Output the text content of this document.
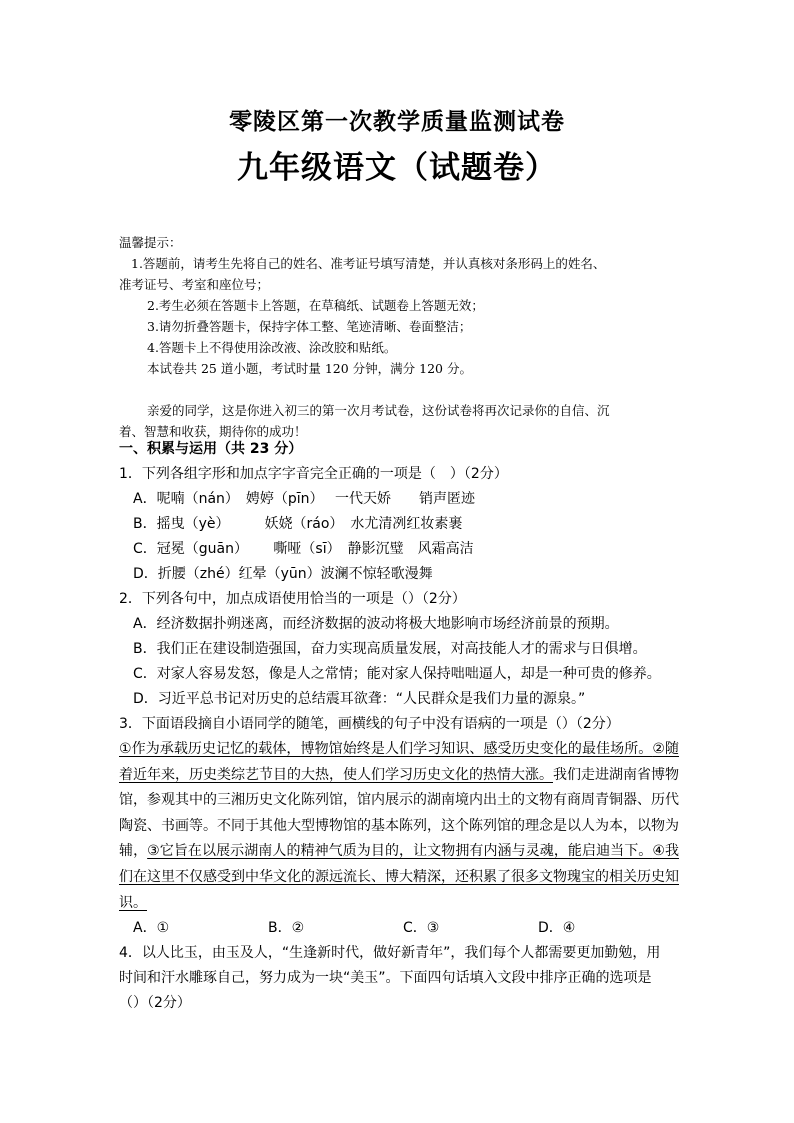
零陵区第一次教学质量监测试卷
九年级语文（试题卷）
温馨提示：
1.答题前，请考生先将自己的姓名、准考证号填写清楚，并认真核对条形码上的姓名、
准考证号、考室和座位号；
2.考生必须在答题卡上答题，在草稿纸、试题卷上答题无效；
3.请勿折叠答题卡，保持字体工整、笔迹清晰、卷面整洁；
4.答题卡上不得使用涂改液、涂改胶和贴纸。
本试卷共 25 道小题，考试时量 120 分钟，满分 120 分。
亲爱的同学，这是你进入初三的第一次月考试卷，这份试卷将再次记录你的自信、沉
着、智慧和收获，期待你的成功！
一、积累与运用（共 23 分）
1．下列各组字形和加点字字音完全正确的一项是（　）（2分）
A．呢喃（nán）　娉婷（pīn）　 一代天娇　　销声匿迹
B．摇曳（yè）　　　妖娆（ráo）　水尤清冽红妆素裹
C．冠冕（guān）　　 嘶哑（sī）　静影沉璧　风霜高洁
D．折腰（zhé）红晕（yūn）波澜不惊轻歌漫舞
2．下列各句中，加点成语使用恰当的一项是（）（2分）
A．经济数据扑朔迷离，而经济数据的波动将极大地影响市场经济前景的预期。
B．我们正在建设制造强国，奋力实现高质量发展，对高技能人才的需求与日俱增。
C．对家人容易发怒，像是人之常情；能对家人保持咄咄逼人，却是一种可贵的修养。
D．习近平总书记对历史的总结震耳欲聋：“人民群众是我们力量的源泉。”
3．下面语段摘自小语同学的随笔，画横线的句子中没有语病的一项是（）（2分）
①作为承载历史记忆的载体，博物馆始终是人们学习知识、感受历史变化的最佳场所。②随着近年来，历史类综艺节目的大热，使人们学习历史文化的热情大涨。我们走进湖南省博物馆，参观其中的三湘历史文化陈列馆，馆内展示的湖南境内出土的文物有商周青铜器、历代陶瓷、书画等。不同于其他大型博物馆的基本陈列，这个陈列馆的理念是以人为本，以物为辅，③它旨在以展示湖南人的精神气质为目的，让文物拥有内涵与灵魂，能启迪当下。④我们在这里不仅感受到中华文化的源远流长、博大精深，还积累了很多文物瑰宝的相关历史知识。
A．①	B．②	C．③	D．④
4．以人比玉，由玉及人，“生逢新时代，做好新青年”，我们每个人都需要更加勤勉，用
时间和汗水雕琢自己，努力成为一块“美玉”。下面四句话填入文段中排序正确的选项是
（）（2分）
